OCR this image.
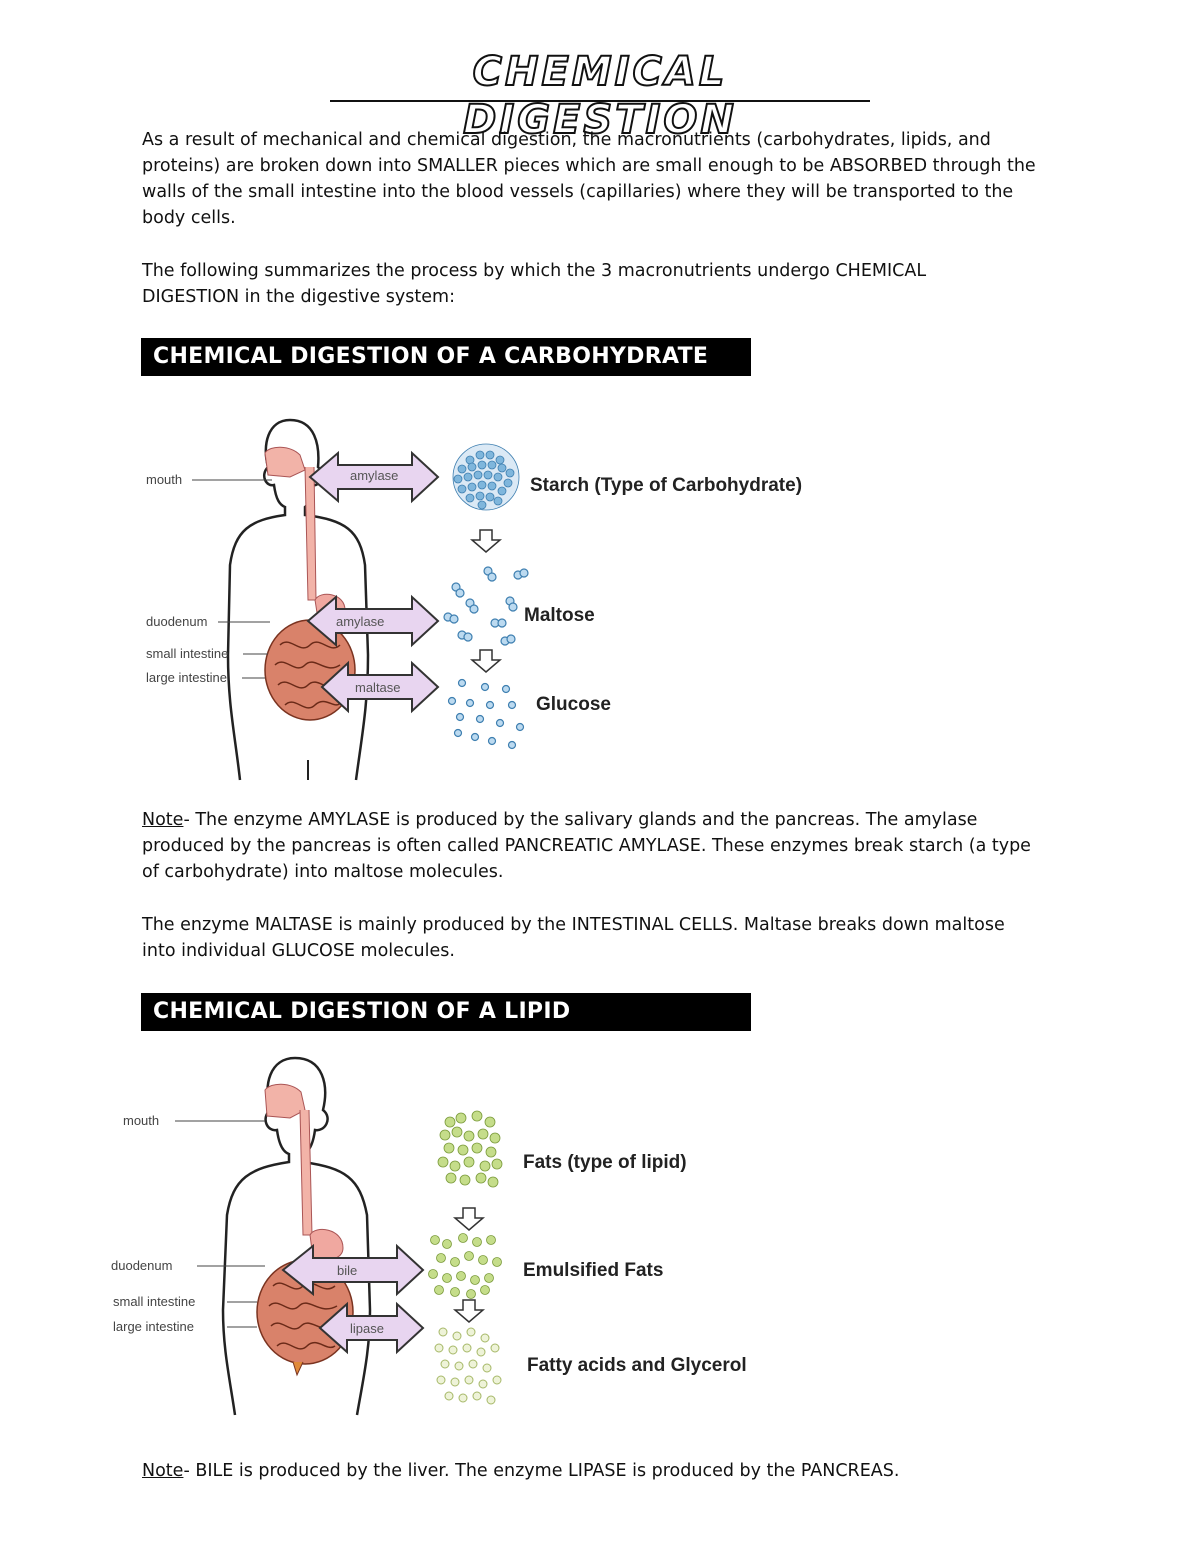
CHEMICAL DIGESTION

As a result of mechanical and chemical digestion, the macronutrients (carbohydrates, lipids, and proteins) are broken down into SMALLER pieces which are small enough to be ABSORBED through the walls of the small intestine into the blood vessels (capillaries) where they will be transported to the body cells.

The following summarizes the process by which the 3 macronutrients undergo CHEMICAL DIGESTION in the digestive system:

CHEMICAL DIGESTION OF A CARBOHYDRATE
mouth
duodenum
small intestine
large intestine
amylase
amylase
maltase
Starch (Type of Carbohydrate)
Maltose
Glucose

Note- The enzyme AMYLASE is produced by the salivary glands and the pancreas. The amylase produced by the pancreas is often called PANCREATIC AMYLASE. These enzymes break starch (a type of carbohydrate) into maltose molecules.

The enzyme MALTASE is mainly produced by the INTESTINAL CELLS. Maltase breaks down maltose into individual GLUCOSE molecules.

CHEMICAL DIGESTION OF A LIPID
mouth
duodenum
small intestine
large intestine
bile
lipase
Fats (type of lipid)
Emulsified Fats
Fatty acids and Glycerol

Note- BILE is produced by the liver. The enzyme LIPASE is produced by the PANCREAS.
